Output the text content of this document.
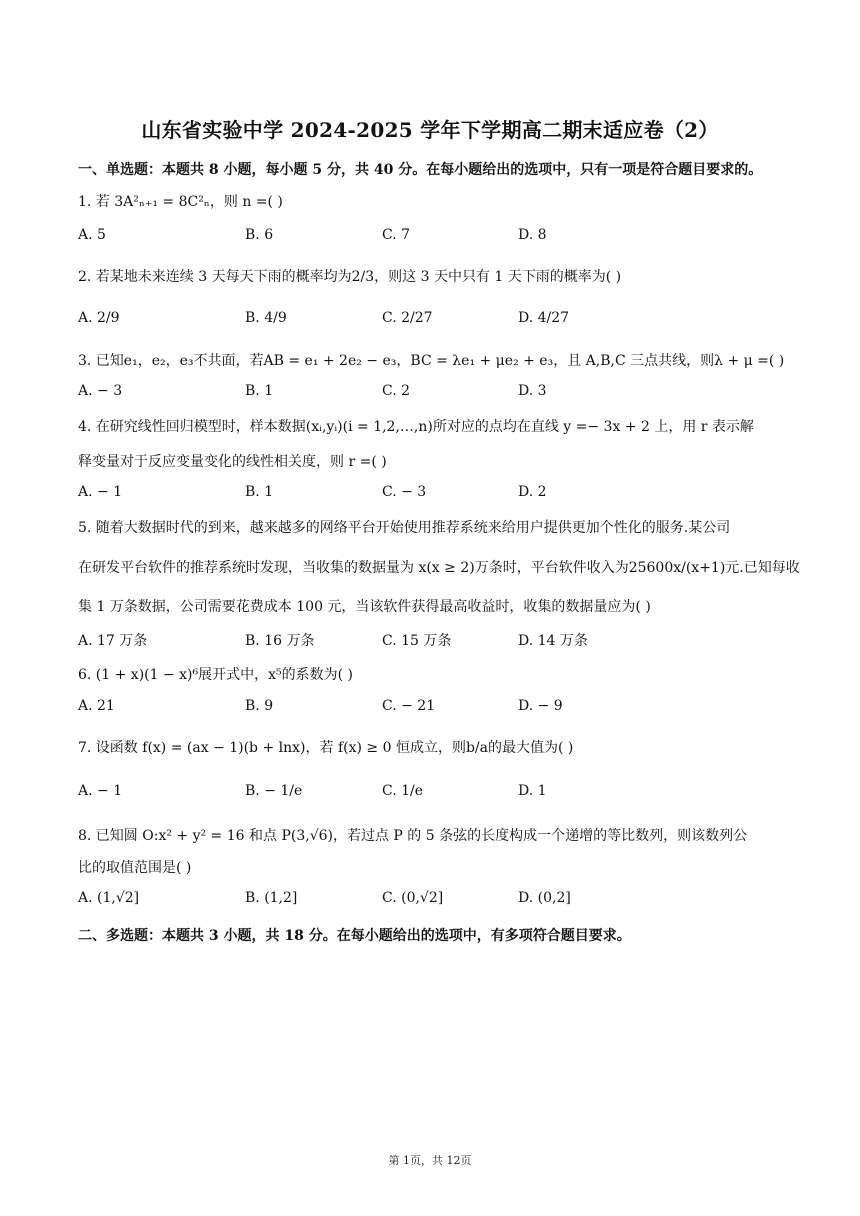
山东省实验中学 2024-2025 学年下学期高二期末适应卷（2）
一、单选题：本题共 8 小题，每小题 5 分，共 40 分。在每小题给出的选项中，只有一项是符合题目要求的。
1. 若 3A²ₙ₊₁ = 8C²ₙ，则 n =( )
A. 5	B. 6	C. 7	D. 8
2. 若某地未来连续 3 天每天下雨的概率均为2/3，则这 3 天中只有 1 天下雨的概率为( )
A. 2/9	B. 4/9	C. 2/27	D. 4/27
3. 已知e₁，e₂，e₃不共面，若AB = e₁ + 2e₂ − e₃，BC = λe₁ + μe₂ + e₃，且 A,B,C 三点共线，则λ + μ =( )
A. − 3	B. 1	C. 2	D. 3
4. 在研究线性回归模型时，样本数据(xᵢ,yᵢ)(i = 1,2,…,n)所对应的点均在直线 y =− 3x + 2 上，用 r 表示解
释变量对于反应变量变化的线性相关度，则 r =( )
A. − 1	B. 1	C. − 3	D. 2
5. 随着大数据时代的到来，越来越多的网络平台开始使用推荐系统来给用户提供更加个性化的服务.某公司
在研发平台软件的推荐系统时发现，当收集的数据量为 x(x ≥ 2)万条时，平台软件收入为25600x/(x+1)元.已知每收
集 1 万条数据，公司需要花费成本 100 元，当该软件获得最高收益时，收集的数据量应为( )
A. 17 万条	B. 16 万条	C. 15 万条	D. 14 万条
6. (1 + x)(1 − x)⁶展开式中，x⁵的系数为( )
A. 21	B. 9	C. − 21	D. − 9
7. 设函数 f(x) = (ax − 1)(b + lnx)，若 f(x) ≥ 0 恒成立，则b/a的最大值为( )
A. − 1	B. − 1/e	C. 1/e	D. 1
8. 已知圆 O:x² + y² = 16 和点 P(3,√6)，若过点 P 的 5 条弦的长度构成一个递增的等比数列，则该数列公
比的取值范围是( )
A. (1,√2]	B. (1,2]	C. (0,√2]	D. (0,2]
二、多选题：本题共 3 小题，共 18 分。在每小题给出的选项中，有多项符合题目要求。
第 1页，共 12页
